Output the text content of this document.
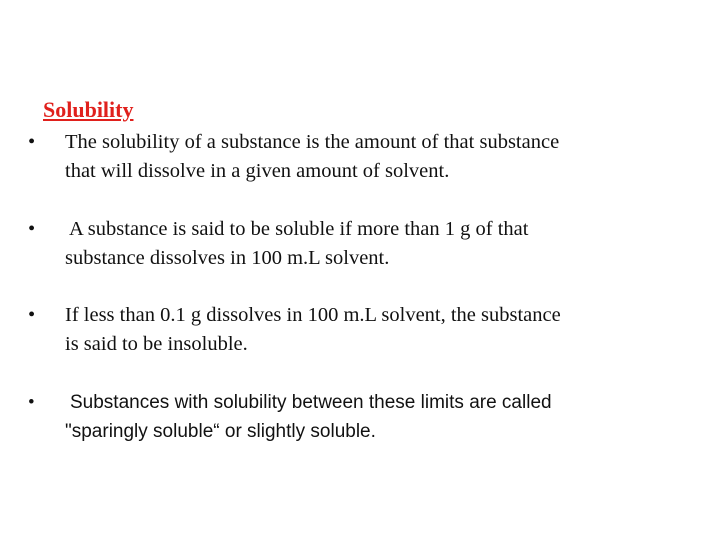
Solubility
•	The solubility of a substance is the amount of that substance
that will dissolve in a given amount of solvent.
•	A substance is said to be soluble if more than 1 g of that
substance dissolves in 100 m.L solvent.
•	If less than 0.1 g dissolves in 100 m.L solvent, the substance
is said to be insoluble.
•	Substances with solubility between these limits are called
"sparingly soluble“ or slightly soluble.
